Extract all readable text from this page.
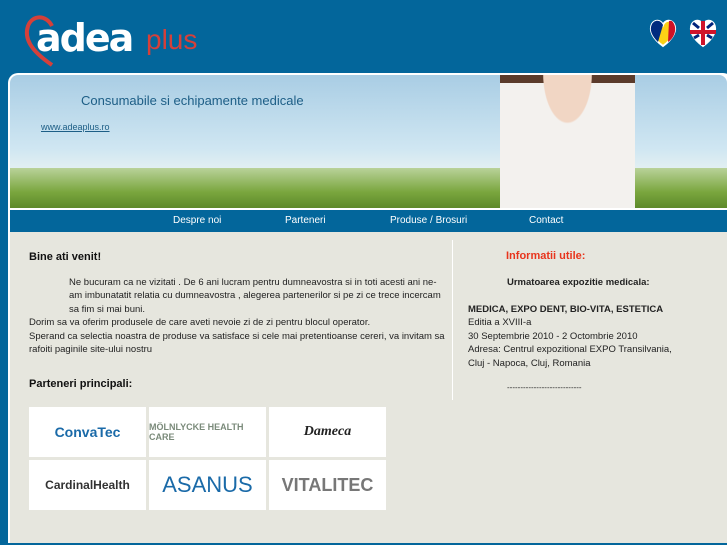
adea plus
Consumabile si echipamente medicale
www.adeaplus.ro
Despre noi	Parteneri	Produse / Brosuri	Contact
Bine ati venit!
Ne bucuram ca ne vizitati . De 6 ani lucram pentru dumneavostra si in toti acesti ani ne-am imbunatatit relatia cu dumneavostra , alegerea partenerilor si pe zi ce trece incercam sa fim si mai buni.
Dorim sa va oferim produsele de care aveti nevoie zi de zi pentru blocul operator.
Sperand ca selectia noastra de produse va satisface si cele mai pretentioanse cereri, va invitam sa rafoiti paginile site-ului nostru
Parteneri principali:
ConvaTec	MÖLNLYCKE HEALTH CARE	Dameca
CardinalHealth	ASANUS	VITALITEC
Informatii utile:
Urmatoarea expozitie medicala:
MEDICA, EXPO DENT, BIO-VITA, ESTETICA
Editia a XVIII-a
30 Septembrie 2010 - 2 Octombrie 2010
Adresa: Centrul expozitional EXPO Transilvania,
Cluj - Napoca, Cluj, Romania
----------------------------
